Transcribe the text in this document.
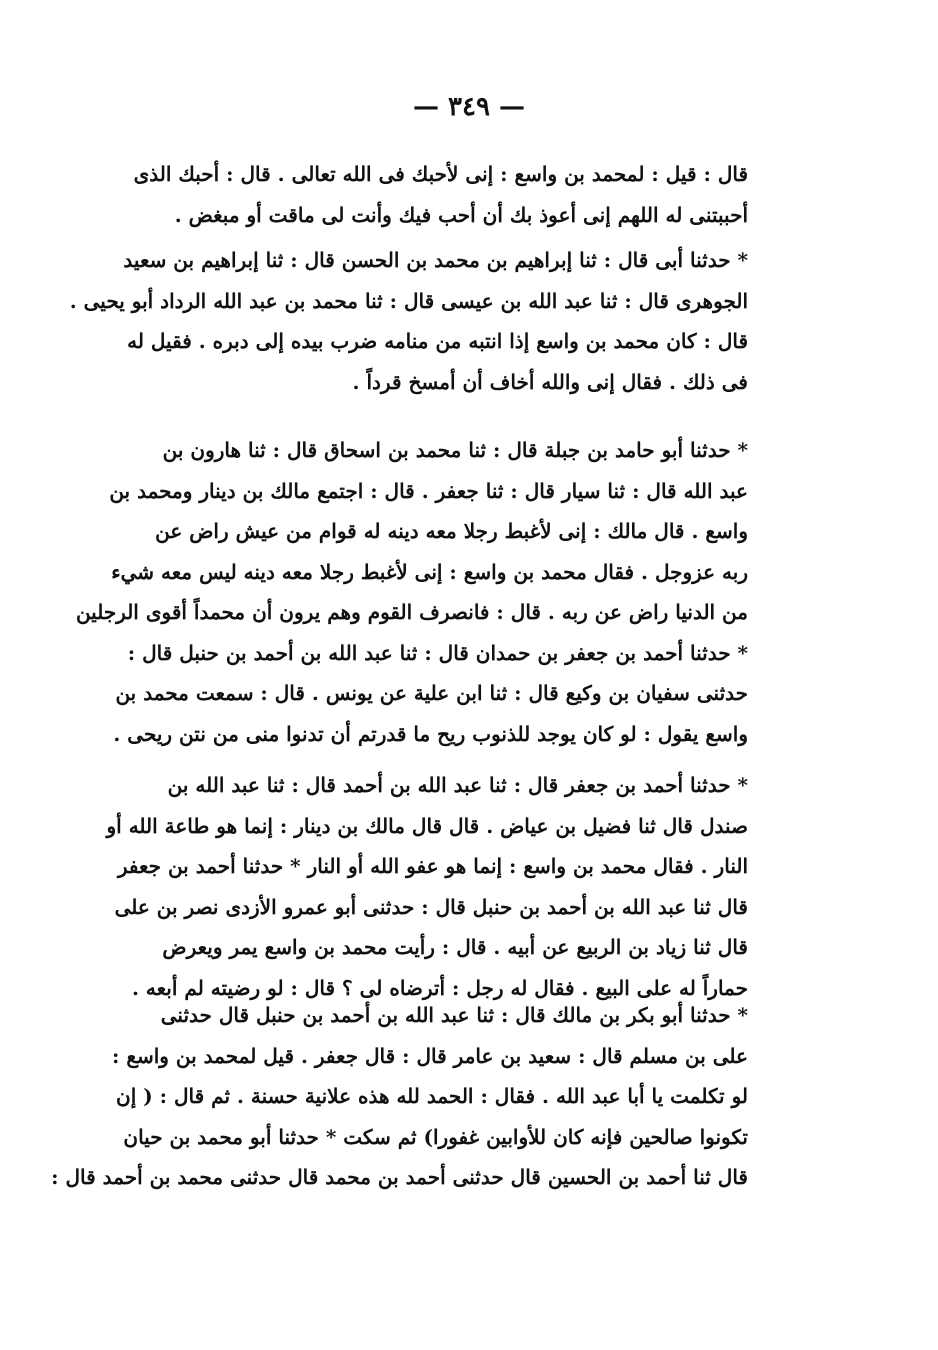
— ٣٤٩ —
قال : قيل : لمحمد بن واسع : إنى لأحبك فى الله تعالى . قال : أحبك الذى
أحببتنى له اللهم إنى أعوذ بك أن أحب فيك وأنت لى ماقت أو مبغض .
* حدثنا أبى قال : ثنا إبراهيم بن محمد بن الحسن قال : ثنا إبراهيم بن سعيد
الجوهرى قال : ثنا عبد الله بن عيسى قال : ثنا محمد بن عبد الله الرداد أبو يحيى .
قال : كان محمد بن واسع إذا انتبه من منامه ضرب بيده إلى دبره . فقيل له
فى ذلك . فقال إنى والله أخاف أن أمسخ قرداً .
* حدثنا أبو حامد بن جبلة قال : ثنا محمد بن اسحاق قال : ثنا هارون بن
عبد الله قال : ثنا سيار قال : ثنا جعفر . قال : اجتمع مالك بن دينار ومحمد بن
واسع . قال مالك : إنى لأغبط رجلا معه دينه له قوام من عيش راض عن
ربه عزوجل . فقال محمد بن واسع : إنى لأغبط رجلا معه دينه ليس معه شيء
من الدنيا راض عن ربه . قال : فانصرف القوم وهم يرون أن محمداً أقوى الرجلين
* حدثنا أحمد بن جعفر بن حمدان قال : ثنا عبد الله بن أحمد بن حنبل قال :
حدثنى سفيان بن وكيع قال : ثنا ابن علية عن يونس . قال : سمعت محمد بن
واسع يقول : لو كان يوجد للذنوب ريح ما قدرتم أن تدنوا منى من نتن ريحى .
* حدثنا أحمد بن جعفر قال : ثنا عبد الله بن أحمد قال : ثنا عبد الله بن
صندل قال ثنا فضيل بن عياض . قال قال مالك بن دينار : إنما هو طاعة الله أو
النار . فقال محمد بن واسع : إنما هو عفو الله أو النار * حدثنا أحمد بن جعفر
قال ثنا عبد الله بن أحمد بن حنبل قال : حدثنى أبو عمرو الأزدى نصر بن على
قال ثنا زياد بن الربيع عن أبيه . قال : رأيت محمد بن واسع يمر ويعرض
حماراً له على البيع . فقال له رجل : أترضاه لى ؟ قال : لو رضيته لم أبعه .
* حدثنا أبو بكر بن مالك قال : ثنا عبد الله بن أحمد بن حنبل قال حدثنى
على بن مسلم قال : سعيد بن عامر قال : قال جعفر . قيل لمحمد بن واسع :
لو تكلمت يا أبا عبد الله . فقال : الحمد لله هذه علانية حسنة . ثم قال : ( إن
تكونوا صالحين فإنه كان للأوابين غفورا) ثم سكت * حدثنا أبو محمد بن حيان
قال ثنا أحمد بن الحسين قال حدثنى أحمد بن محمد قال حدثنى محمد بن أحمد قال :
